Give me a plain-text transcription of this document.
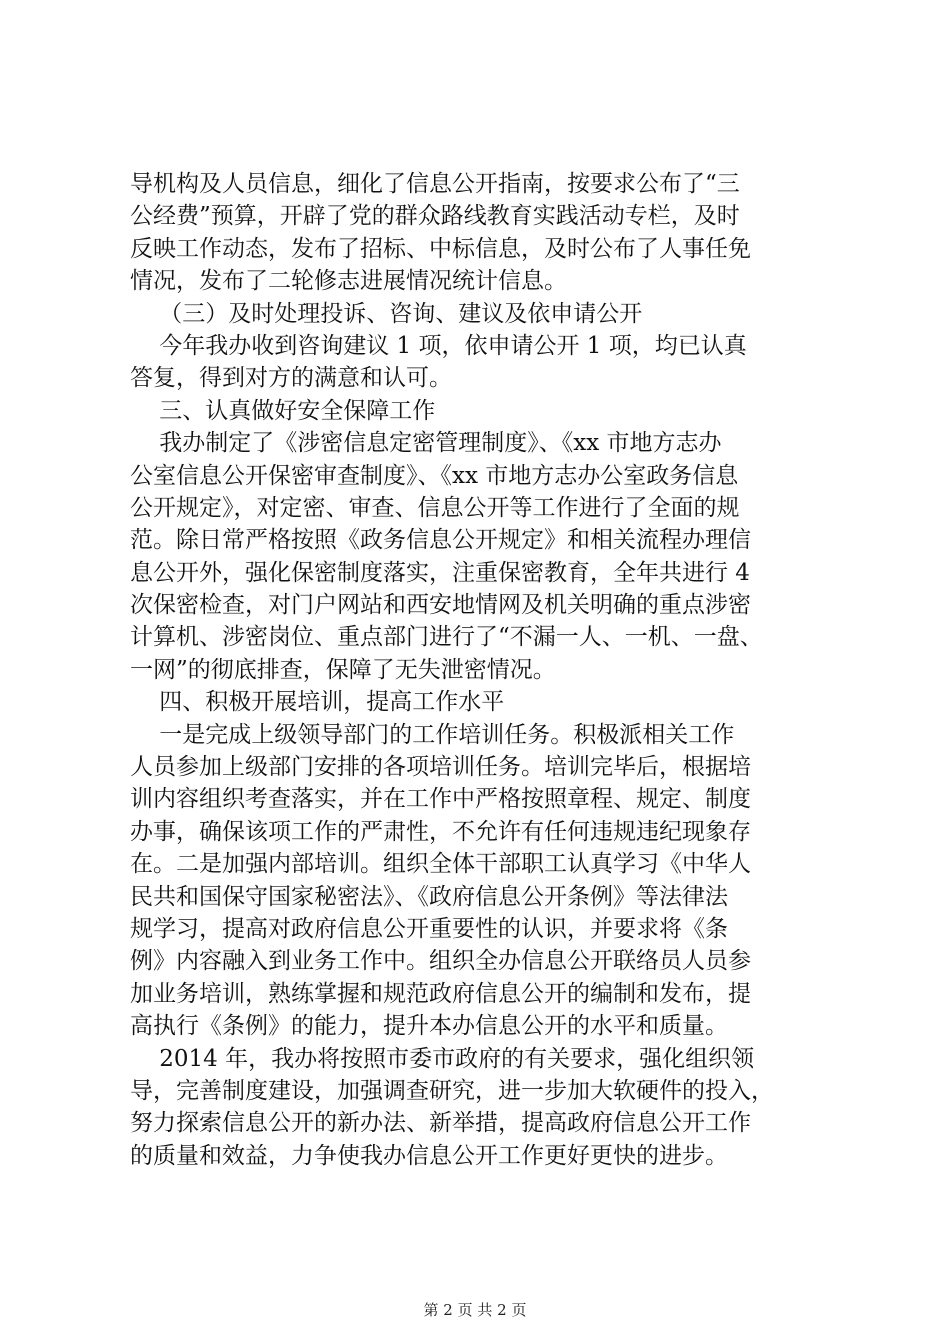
导机构及人员信息，细化了信息公开指南，按要求公布了“三
公经费”预算，开辟了党的群众路线教育实践活动专栏，及时
反映工作动态，发布了招标、中标信息，及时公布了人事任免
情况，发布了二轮修志进展情况统计信息。
（三）及时处理投诉、咨询、建议及依申请公开
今年我办收到咨询建议 1 项，依申请公开 1 项，均已认真
答复，得到对方的满意和认可。
三、认真做好安全保障工作
我办制定了《涉密信息定密管理制度》、《xx 市地方志办
公室信息公开保密审查制度》、《xx 市地方志办公室政务信息
公开规定》，对定密、审查、信息公开等工作进行了全面的规
范。除日常严格按照《政务信息公开规定》和相关流程办理信
息公开外，强化保密制度落实，注重保密教育，全年共进行 4
次保密检查，对门户网站和西安地情网及机关明确的重点涉密
计算机、涉密岗位、重点部门进行了“不漏一人、一机、一盘、
一网”的彻底排查，保障了无失泄密情况。
四、积极开展培训，提高工作水平
一是完成上级领导部门的工作培训任务。积极派相关工作
人员参加上级部门安排的各项培训任务。培训完毕后，根据培
训内容组织考查落实，并在工作中严格按照章程、规定、制度
办事，确保该项工作的严肃性，不允许有任何违规违纪现象存
在。二是加强内部培训。组织全体干部职工认真学习《中华人
民共和国保守国家秘密法》、《政府信息公开条例》等法律法
规学习，提高对政府信息公开重要性的认识，并要求将《条
例》内容融入到业务工作中。组织全办信息公开联络员人员参
加业务培训，熟练掌握和规范政府信息公开的编制和发布，提
高执行《条例》的能力，提升本办信息公开的水平和质量。
2014 年，我办将按照市委市政府的有关要求，强化组织领
导，完善制度建设，加强调查研究，进一步加大软硬件的投入，
努力探索信息公开的新办法、新举措，提高政府信息公开工作
的质量和效益，力争使我办信息公开工作更好更快的进步。
第 2 页 共 2 页
